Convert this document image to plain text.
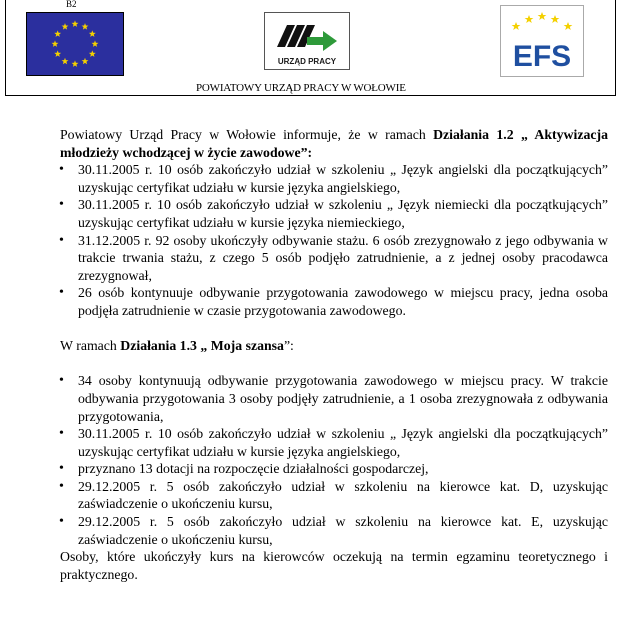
B2
URZĄD PRACY	EFS
POWIATOWY URZĄD PRACY W WOŁOWIE

Powiatowy Urząd Pracy w Wołowie informuje, że w ramach Działania 1.2 „ Aktywizacja młodzieży wchodzącej w życie zawodowe”:

• 30.11.2005 r. 10 osób zakończyło udział w szkoleniu „ Język angielski dla początkujących” uzyskując certyfikat udziału w kursie języka angielskiego,
• 30.11.2005 r. 10 osób zakończyło udział w szkoleniu „ Język niemiecki dla początkujących” uzyskując certyfikat udziału w kursie języka niemieckiego,
• 31.12.2005 r. 92 osoby ukończyły odbywanie stażu. 6 osób zrezygnowało z jego odbywania w trakcie trwania stażu, z czego 5 osób podjęło zatrudnienie, a z jednej osoby pracodawca zrezygnował,
• 26 osób kontynuuje odbywanie przygotowania zawodowego w miejscu pracy, jedna osoba podjęła zatrudnienie w czasie przygotowania zawodowego.

W ramach Działania 1.3 „ Moja szansa”:

• 34 osoby kontynuują odbywanie przygotowania zawodowego w miejscu pracy. W trakcie odbywania przygotowania 3 osoby podjęły zatrudnienie, a 1 osoba zrezygnowała z odbywania przygotowania,
• 30.11.2005 r. 10 osób zakończyło udział w szkoleniu „ Język angielski dla początkujących” uzyskując certyfikat udziału w kursie języka angielskiego,
• przyznano 13 dotacji na rozpoczęcie działalności gospodarczej,
• 29.12.2005 r. 5 osób zakończyło udział w szkoleniu na kierowce kat. D, uzyskując zaświadczenie o ukończeniu kursu,
• 29.12.2005 r. 5 osób zakończyło udział w szkoleniu na kierowce kat. E, uzyskując zaświadczenie o ukończeniu kursu,

Osoby, które ukończyły kurs na kierowców oczekują na termin egzaminu teoretycznego i praktycznego.
